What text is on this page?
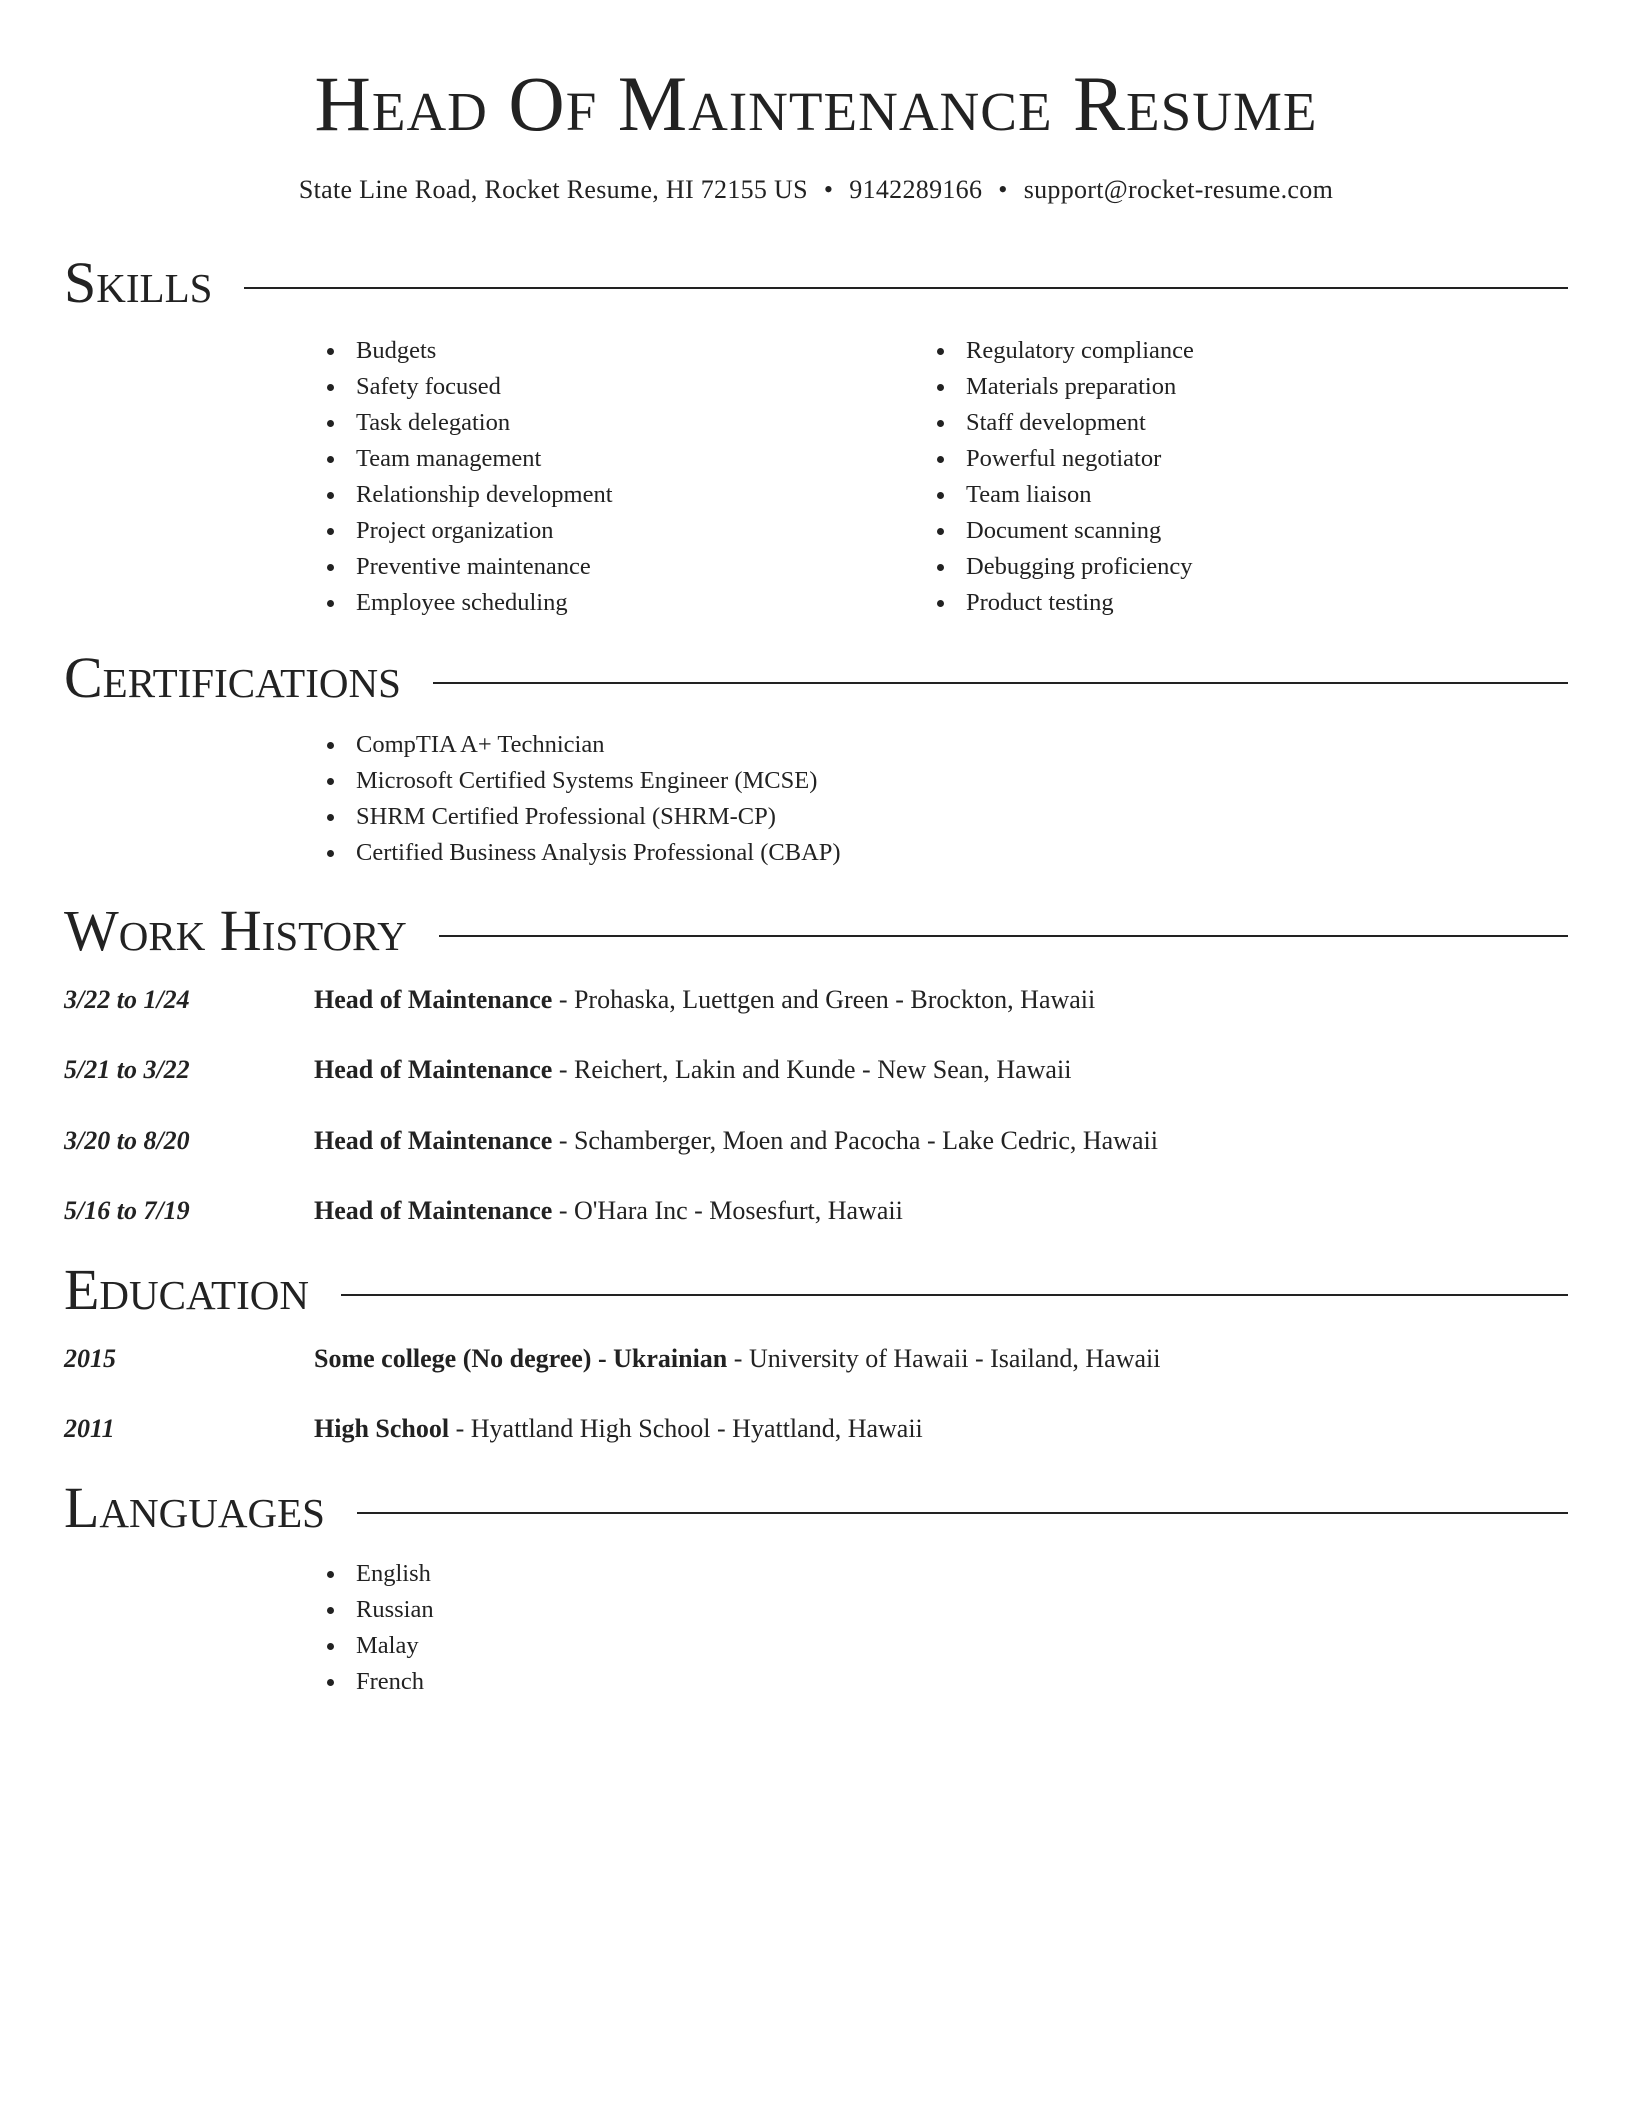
Head Of Maintenance Resume
State Line Road, Rocket Resume, HI 72155 US • 9142289166 • support@rocket-resume.com
Skills
Budgets
Safety focused
Task delegation
Team management
Relationship development
Project organization
Preventive maintenance
Employee scheduling
Regulatory compliance
Materials preparation
Staff development
Powerful negotiator
Team liaison
Document scanning
Debugging proficiency
Product testing
Certifications
CompTIA A+ Technician
Microsoft Certified Systems Engineer (MCSE)
SHRM Certified Professional (SHRM-CP)
Certified Business Analysis Professional (CBAP)
Work History
3/22 to 1/24	Head of Maintenance - Prohaska, Luettgen and Green - Brockton, Hawaii
5/21 to 3/22	Head of Maintenance - Reichert, Lakin and Kunde - New Sean, Hawaii
3/20 to 8/20	Head of Maintenance - Schamberger, Moen and Pacocha - Lake Cedric, Hawaii
5/16 to 7/19	Head of Maintenance - O'Hara Inc - Mosesfurt, Hawaii
Education
2015	Some college (No degree) - Ukrainian - University of Hawaii - Isailand, Hawaii
2011	High School - Hyattland High School - Hyattland, Hawaii
Languages
English
Russian
Malay
French
